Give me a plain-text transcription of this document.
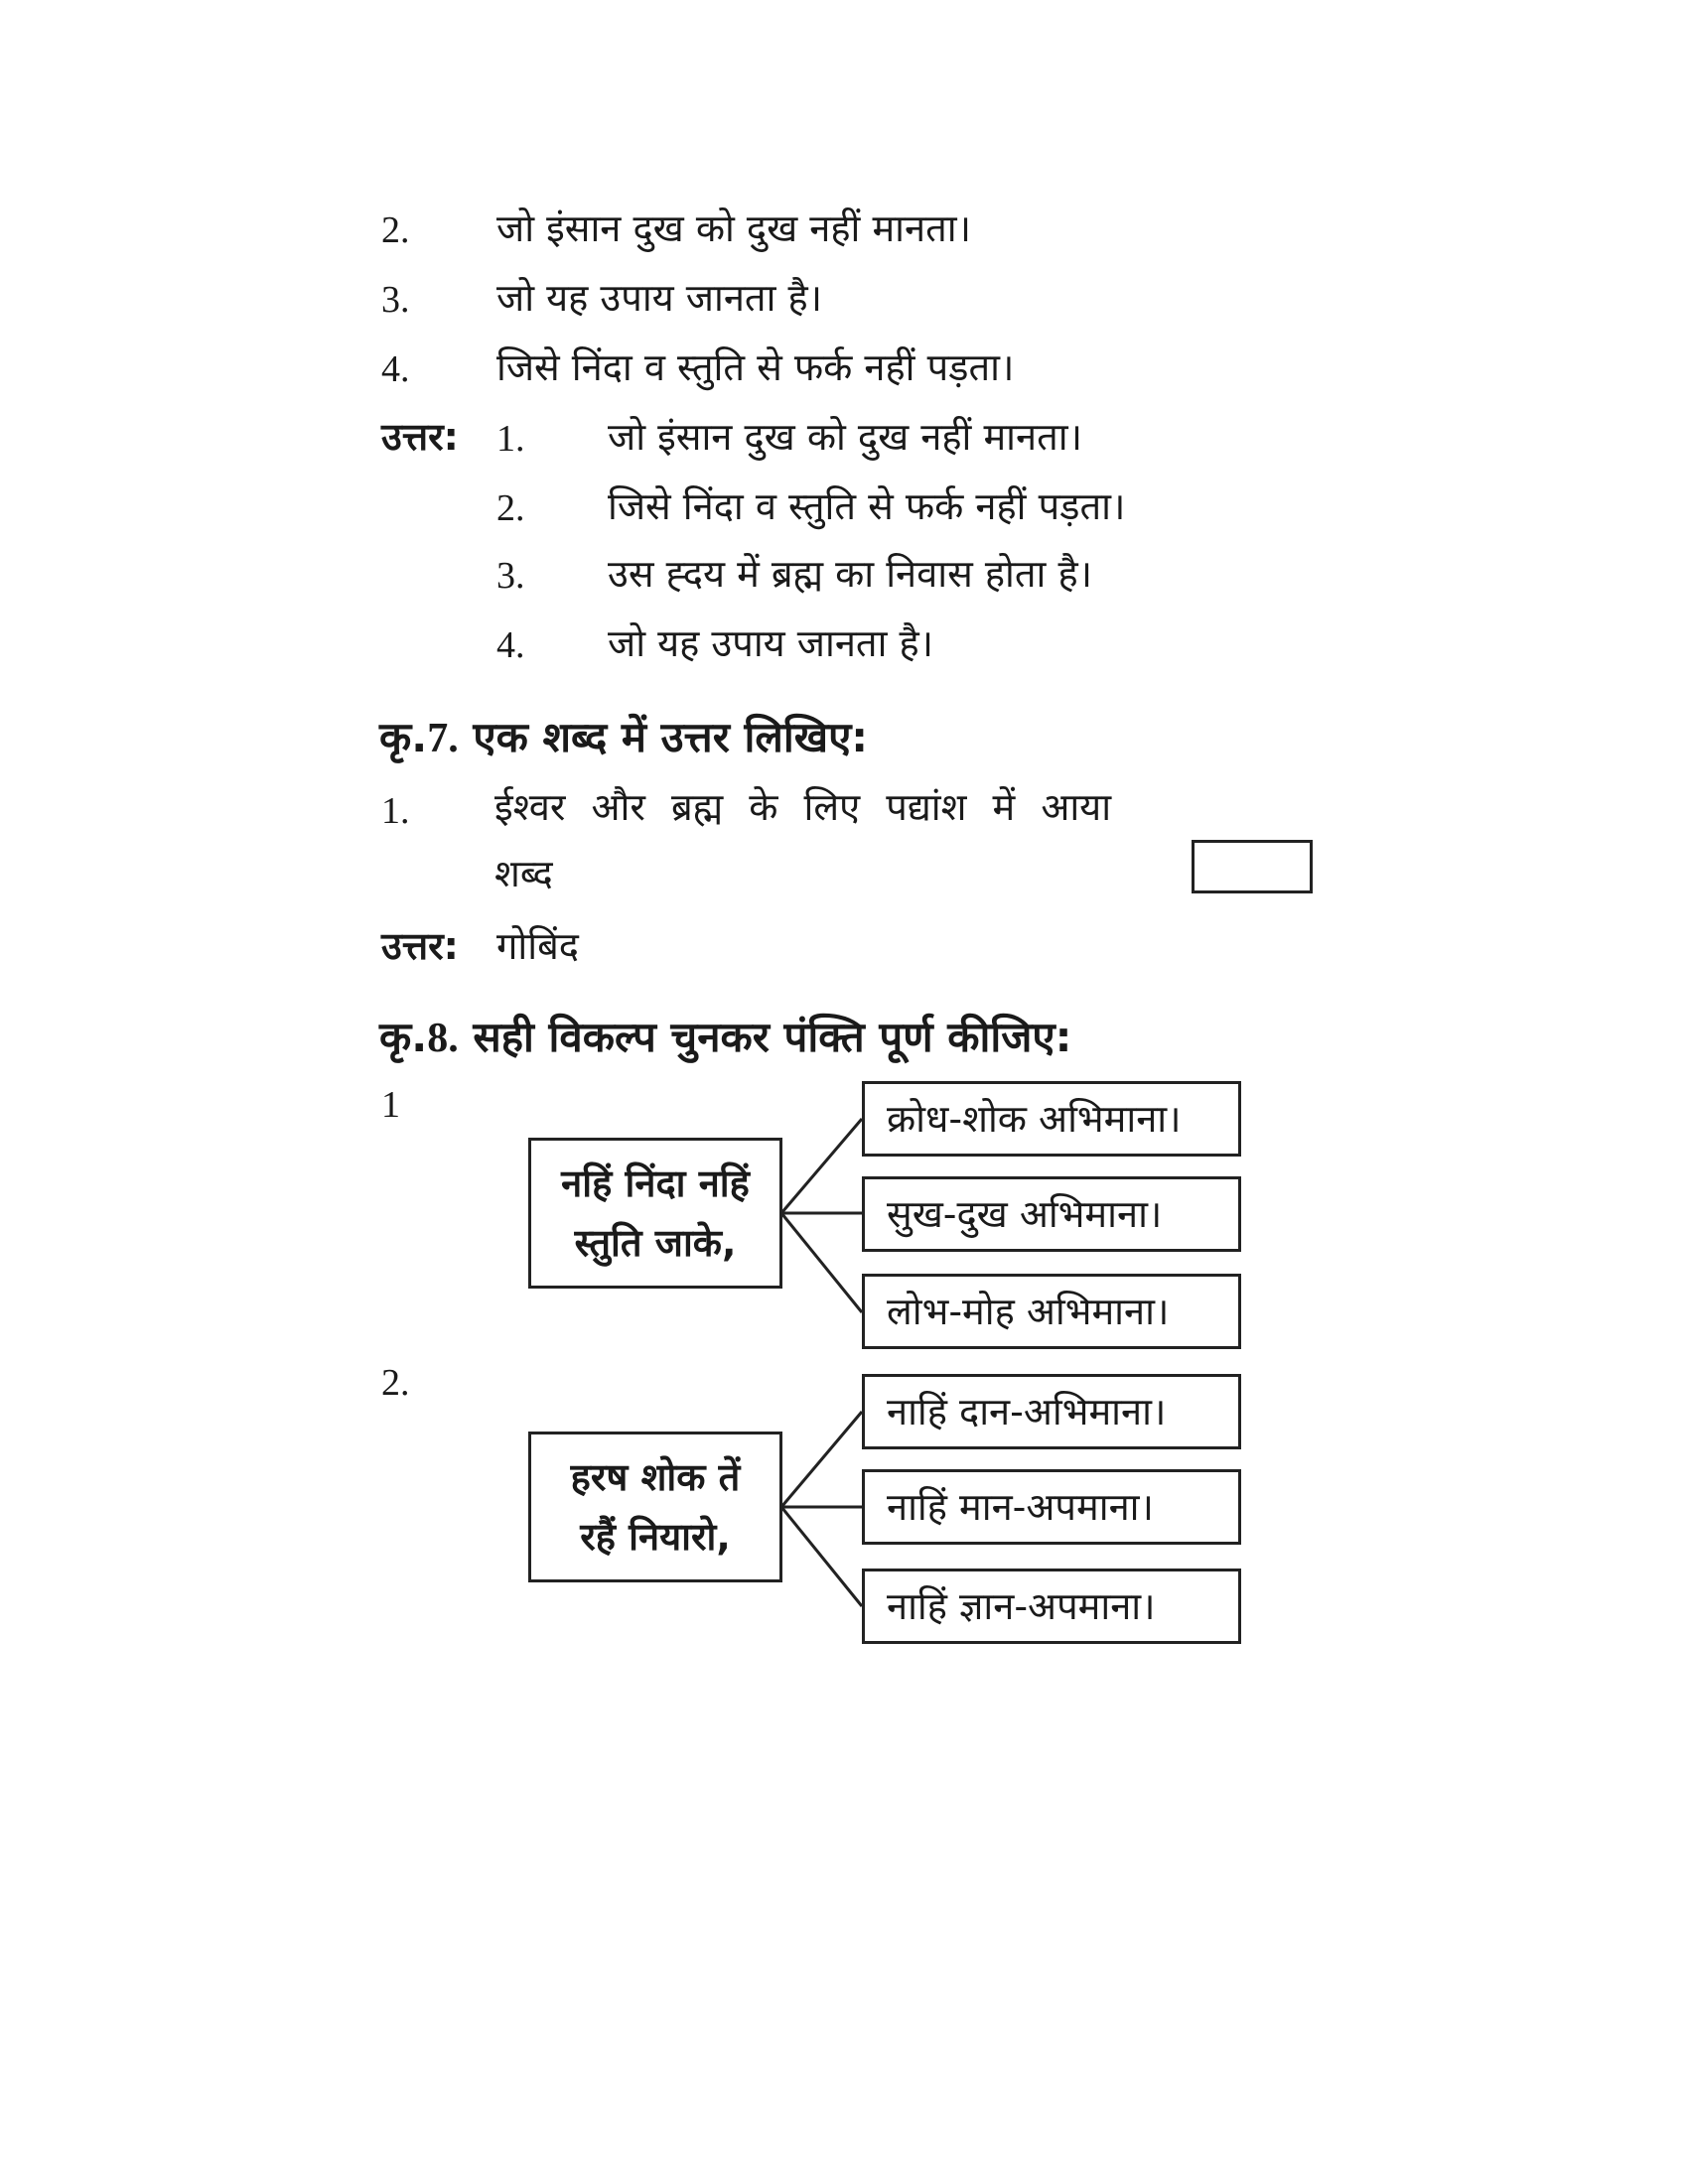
2. जो इंसान दुख को दुख नहीं मानता।
3. जो यह उपाय जानता है।
4. जिसे निंदा व स्तुति से फर्क नहीं पड़ता।
उत्तर: 1. जो इंसान दुख को दुख नहीं मानता।
2. जिसे निंदा व स्तुति से फर्क नहीं पड़ता।
3. उस ह्दय में ब्रह्म का निवास होता है।
4. जो यह उपाय जानता है।
कृ.7. एक शब्द में उत्तर लिखिए:
1. ईश्वर और ब्रह्म के लिए पद्यांश में आया
शब्द
उत्तर: गोबिंद
कृ.8. सही विकल्प चुनकर पंक्ति पूर्ण कीजिए:
1
नहिं निंदा नहिं
स्तुति जाके,
क्रोध-शोक अभिमाना।
सुख-दुख अभिमाना।
लोभ-मोह अभिमाना।
2.
हरष शोक तें
रहैं नियारो,
नाहिं दान-अभिमाना।
नाहिं मान-अपमाना।
नाहिं ज्ञान-अपमाना।
